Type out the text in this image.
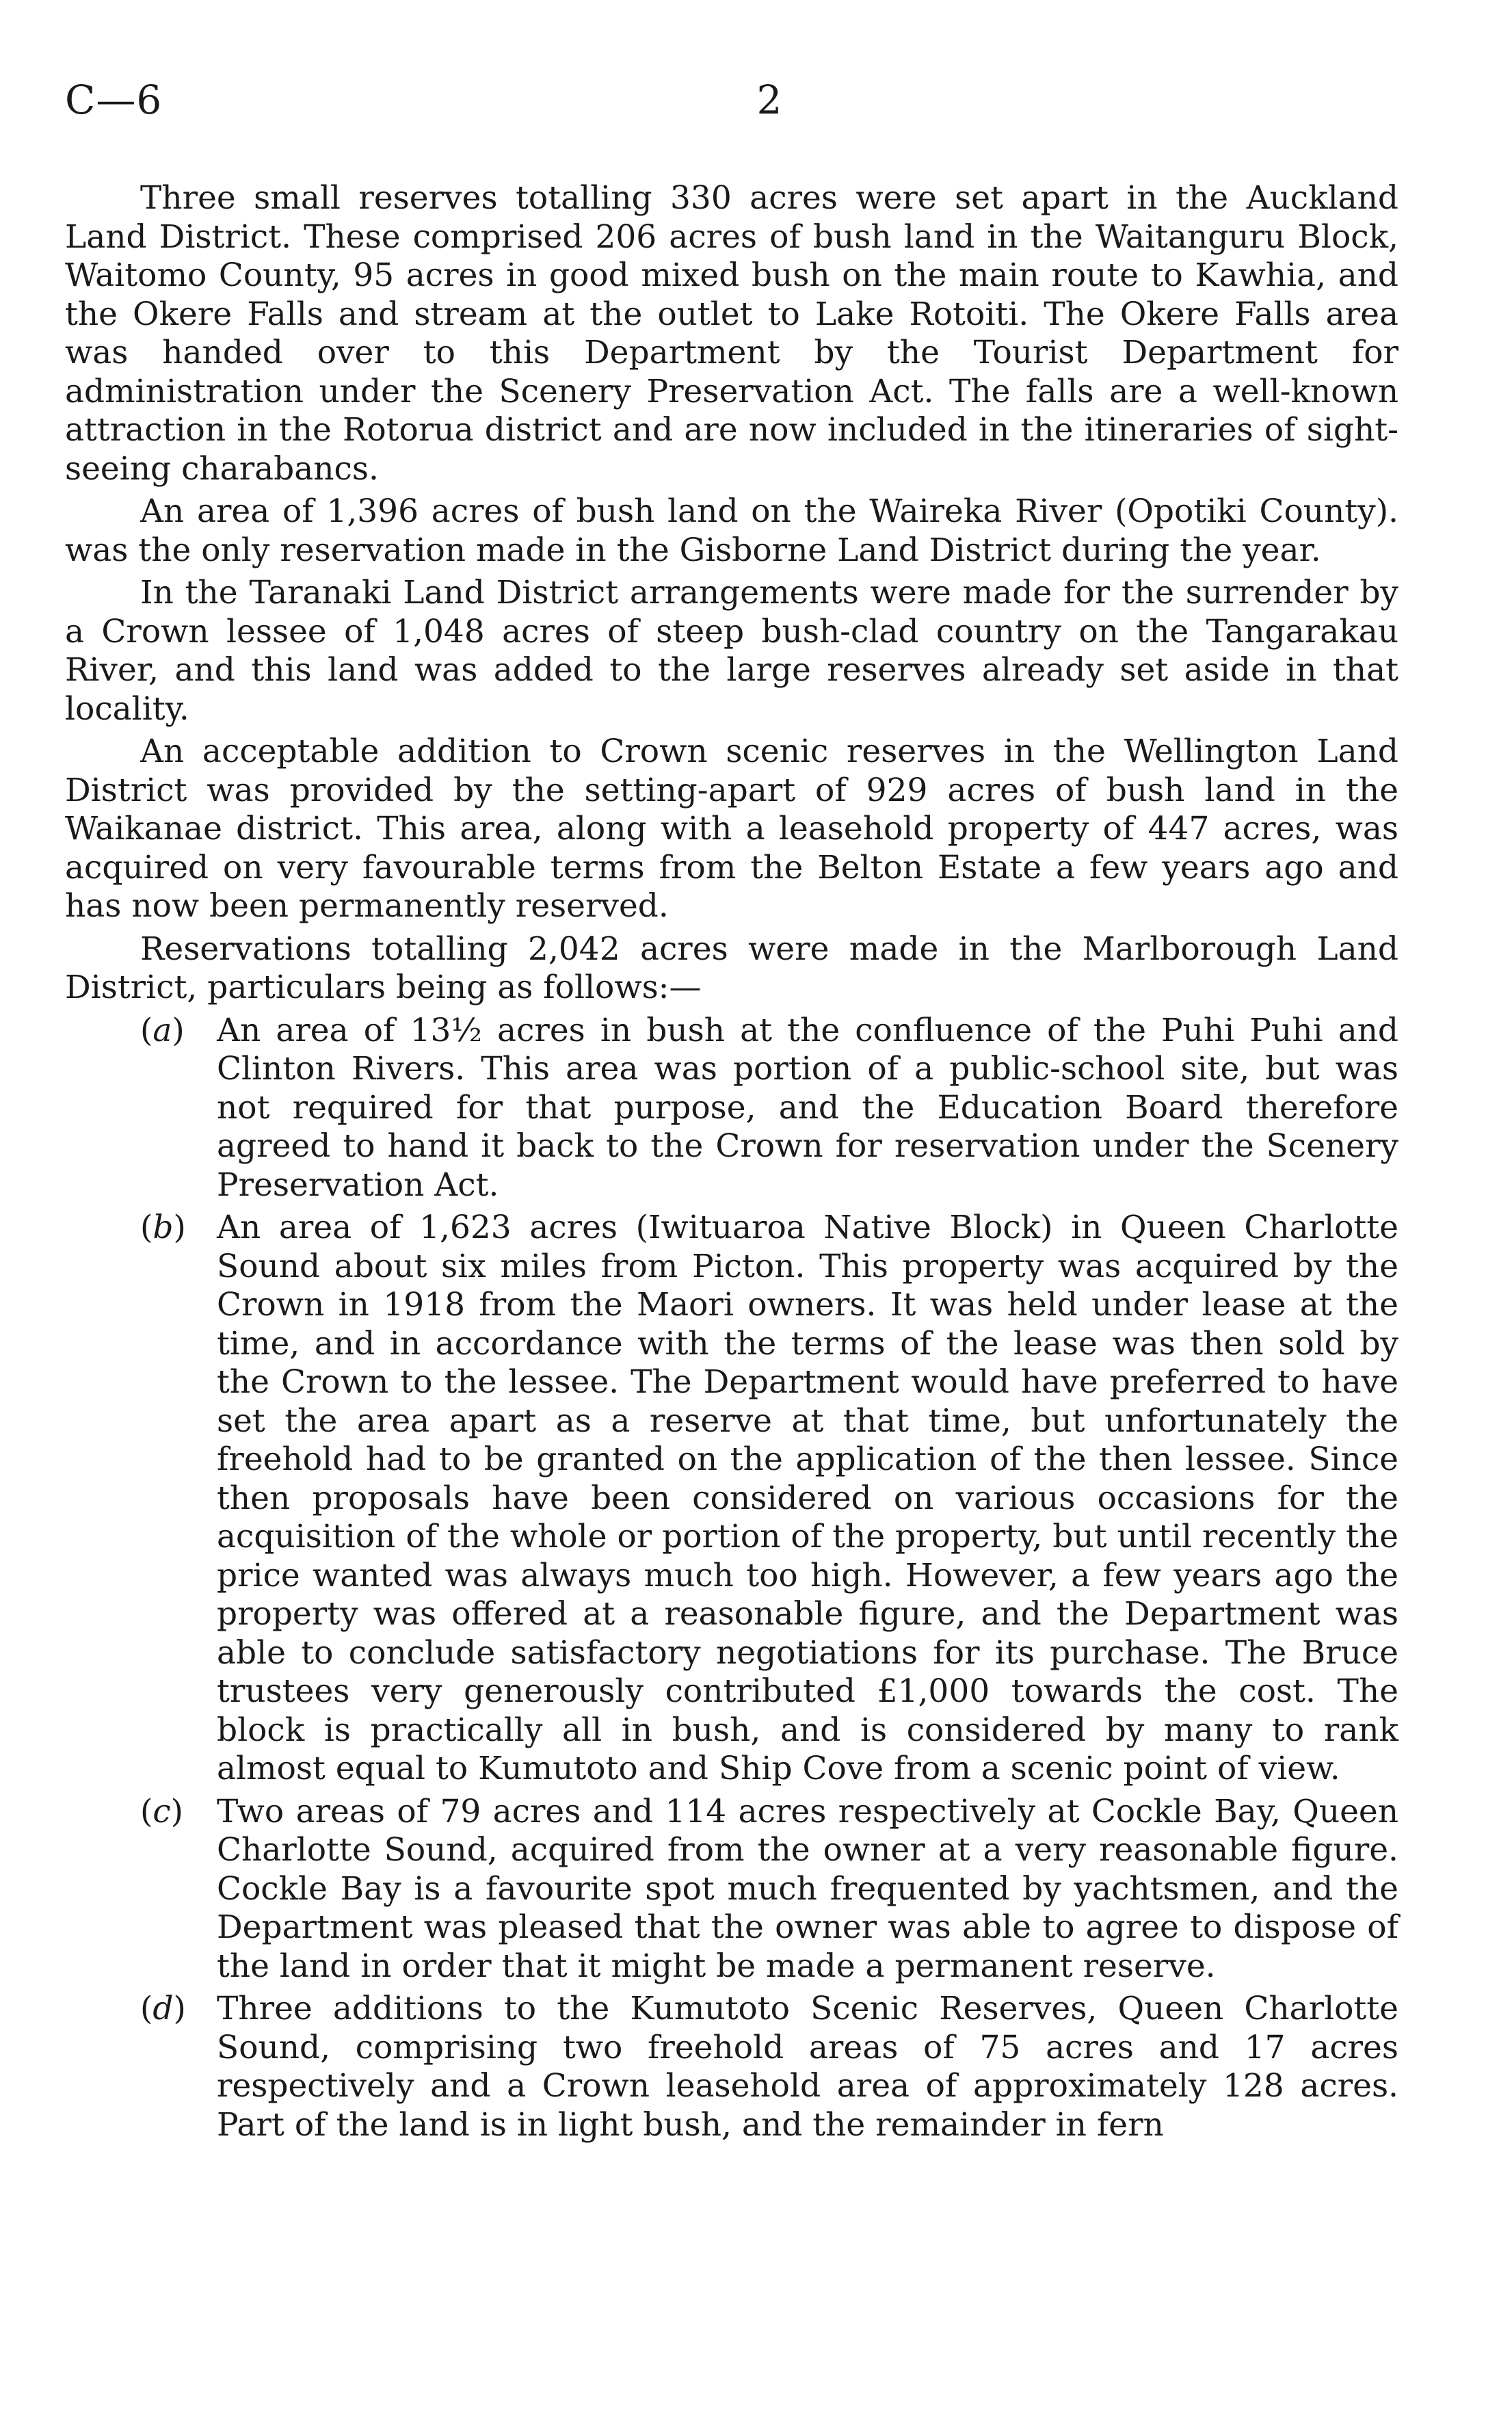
C—6	2

Three small reserves totalling 330 acres were set apart in the Auckland Land District. These comprised 206 acres of bush land in the Waitanguru Block, Waitomo County, 95 acres in good mixed bush on the main route to Kawhia, and the Okere Falls and stream at the outlet to Lake Rotoiti. The Okere Falls area was handed over to this Department by the Tourist Department for administration under the Scenery Preservation Act. The falls are a well-known attraction in the Rotorua district and are now included in the itineraries of sight-seeing charabancs.

An area of 1,396 acres of bush land on the Waireka River (Opotiki County). was the only reservation made in the Gisborne Land District during the year.

In the Taranaki Land District arrangements were made for the surrender by a Crown lessee of 1,048 acres of steep bush-clad country on the Tangarakau River, and this land was added to the large reserves already set aside in that locality.

An acceptable addition to Crown scenic reserves in the Wellington Land District was provided by the setting-apart of 929 acres of bush land in the Waikanae district. This area, along with a leasehold property of 447 acres, was acquired on very favourable terms from the Belton Estate a few years ago and has now been permanently reserved.

Reservations totalling 2,042 acres were made in the Marlborough Land District, particulars being as follows:—

(a) An area of 13½ acres in bush at the confluence of the Puhi Puhi and Clinton Rivers. This area was portion of a public-school site, but was not required for that purpose, and the Education Board therefore agreed to hand it back to the Crown for reservation under the Scenery Preservation Act.
(b) An area of 1,623 acres (Iwituaroa Native Block) in Queen Charlotte Sound about six miles from Picton. This property was acquired by the Crown in 1918 from the Maori owners. It was held under lease at the time, and in accordance with the terms of the lease was then sold by the Crown to the lessee. The Department would have preferred to have set the area apart as a reserve at that time, but unfortunately the freehold had to be granted on the application of the then lessee. Since then proposals have been considered on various occasions for the acquisition of the whole or portion of the property, but until recently the price wanted was always much too high. However, a few years ago the property was offered at a reasonable figure, and the Department was able to conclude satisfactory negotiations for its purchase. The Bruce trustees very generously contributed £1,000 towards the cost. The block is practically all in bush, and is considered by many to rank almost equal to Kumutoto and Ship Cove from a scenic point of view.
(c) Two areas of 79 acres and 114 acres respectively at Cockle Bay, Queen Charlotte Sound, acquired from the owner at a very reasonable figure. Cockle Bay is a favourite spot much frequented by yachtsmen, and the Department was pleased that the owner was able to agree to dispose of the land in order that it might be made a permanent reserve.
(d) Three additions to the Kumutoto Scenic Reserves, Queen Charlotte Sound, comprising two freehold areas of 75 acres and 17 acres respectively and a Crown leasehold area of approximately 128 acres. Part of the land is in light bush, and the remainder in fern
